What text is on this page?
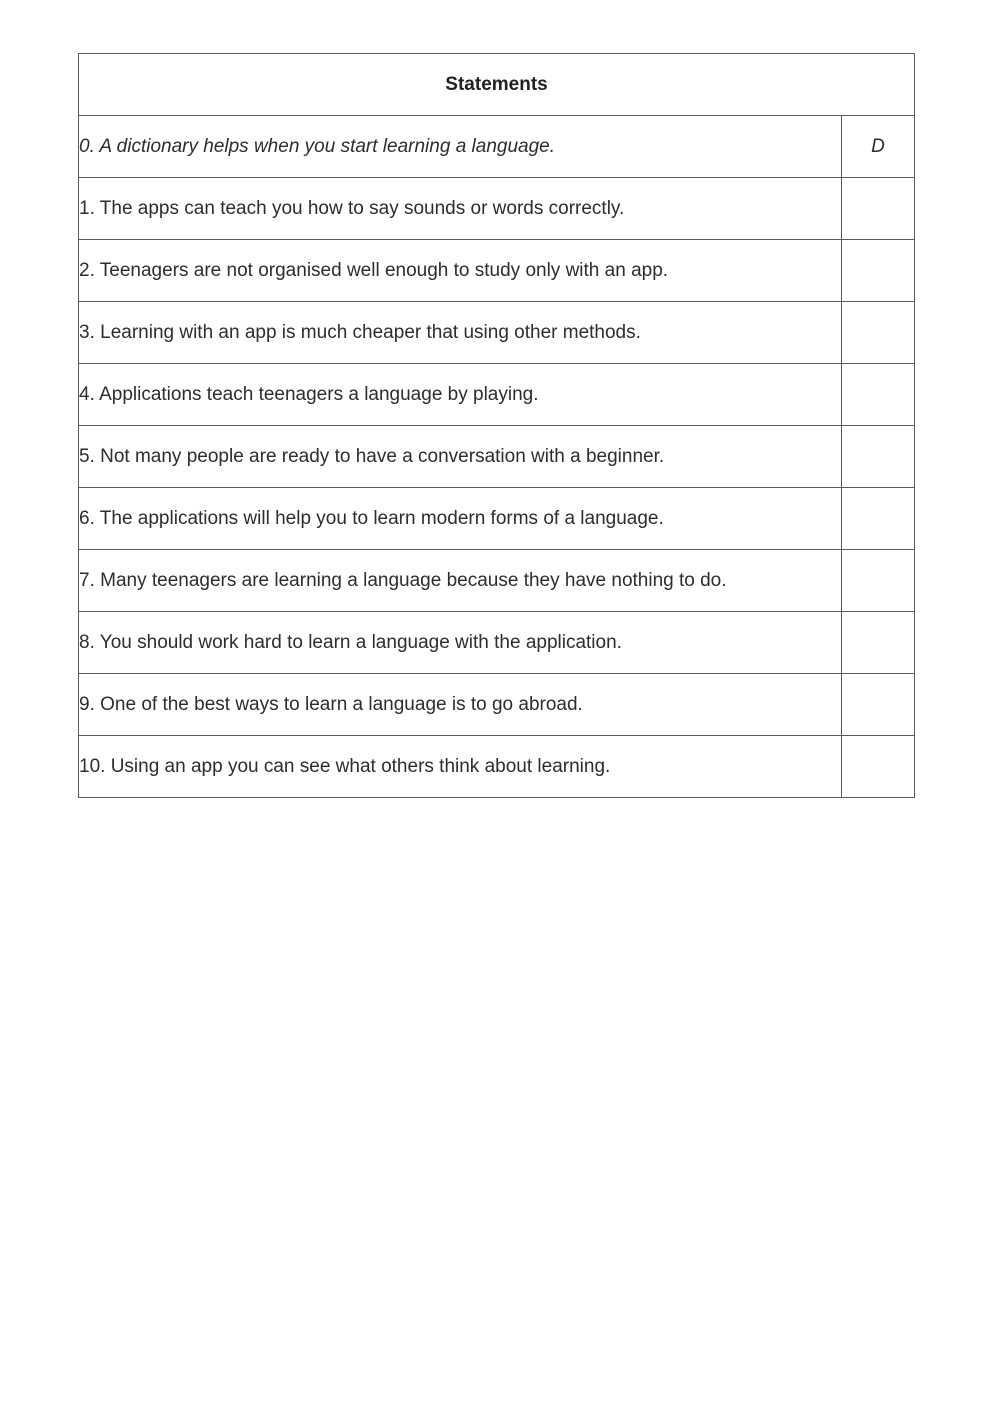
Statements	
0. A dictionary helps when you start learning a language.	D
1. The apps can teach you how to say sounds or words correctly.	
2. Teenagers are not organised well enough to study only with an app.	
3. Learning with an app is much cheaper that using other methods.	
4. Applications teach teenagers a language by playing.	
5. Not many people are ready to have a conversation with a beginner.	
6. The applications will help you to learn modern forms of a language.	
7. Many teenagers are learning a language because they have nothing to do.	
8. You should work hard to learn a language with the application.	
9. One of the best ways to learn a language is to go abroad.	
10. Using an app you can see what others think about learning.	
